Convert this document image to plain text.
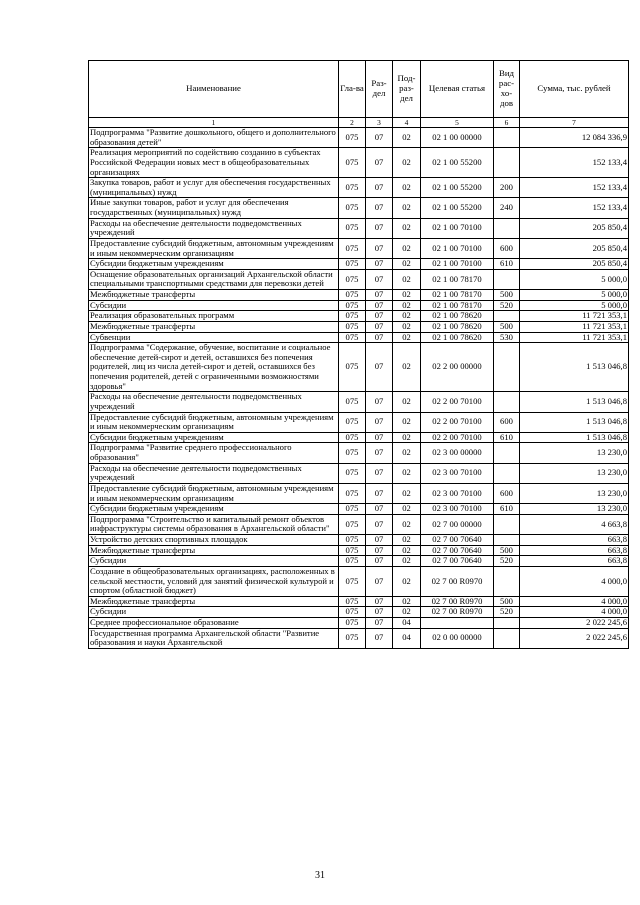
Наименование	Гла-ва	Раз-дел	Под-раз-дел	Целевая статья	Вид рас-хо-дов	Сумма, тыс. рублей
1	2	3	4	5	6	7
Подпрограмма "Развитие дошкольного, общего и дополнительного образования детей"	075	07	02	02 1 00 00000		12 084 336,9
Реализация мероприятий по содействию созданию в субъектах Российской Федерации новых мест в общеобразовательных организациях	075	07	02	02 1 00 55200		152 133,4
Закупка товаров, работ и услуг для обеспечения государственных (муниципальных) нужд	075	07	02	02 1 00 55200	200	152 133,4
Иные закупки товаров, работ и услуг для обеспечения государственных (муниципальных) нужд	075	07	02	02 1 00 55200	240	152 133,4
Расходы на обеспечение деятельности подведомственных учреждений	075	07	02	02 1 00 70100		205 850,4
Предоставление субсидий бюджетным, автономным учреждениям и иным некоммерческим организациям	075	07	02	02 1 00 70100	600	205 850,4
Субсидии бюджетным учреждениям	075	07	02	02 1 00 70100	610	205 850,4
Оснащение образовательных организаций Архангельской области специальными транспортными средствами для перевозки детей	075	07	02	02 1 00 78170		5 000,0
Межбюджетные трансферты	075	07	02	02 1 00 78170	500	5 000,0
Субсидии	075	07	02	02 1 00 78170	520	5 000,0
Реализация образовательных программ	075	07	02	02 1 00 78620		11 721 353,1
Межбюджетные трансферты	075	07	02	02 1 00 78620	500	11 721 353,1
Субвенции	075	07	02	02 1 00 78620	530	11 721 353,1
Подпрограмма "Содержание, обучение, воспитание и социальное обеспечение детей-сирот и детей, оставшихся без попечения родителей, лиц из числа детей-сирот и детей, оставшихся без попечения родителей, детей с ограниченными возможностями здоровья"	075	07	02	02 2 00 00000		1 513 046,8
Расходы на обеспечение деятельности подведомственных учреждений	075	07	02	02 2 00 70100		1 513 046,8
Предоставление субсидий бюджетным, автономным учреждениям и иным некоммерческим организациям	075	07	02	02 2 00 70100	600	1 513 046,8
Субсидии бюджетным учреждениям	075	07	02	02 2 00 70100	610	1 513 046,8
Подпрограмма "Развитие среднего профессионального образования"	075	07	02	02 3 00 00000		13 230,0
Расходы на обеспечение деятельности подведомственных учреждений	075	07	02	02 3 00 70100		13 230,0
Предоставление субсидий бюджетным, автономным учреждениям и иным некоммерческим организациям	075	07	02	02 3 00 70100	600	13 230,0
Субсидии бюджетным учреждениям	075	07	02	02 3 00 70100	610	13 230,0
Подпрограмма "Строительство и капитальный ремонт объектов инфраструктуры системы образования в Архангельской области"	075	07	02	02 7 00 00000		4 663,8
Устройство детских спортивных площадок	075	07	02	02 7 00 70640		663,8
Межбюджетные трансферты	075	07	02	02 7 00 70640	500	663,8
Субсидии	075	07	02	02 7 00 70640	520	663,8
Создание в общеобразовательных организациях, расположенных в сельской местности, условий для занятий физической культурой и спортом (областной бюджет)	075	07	02	02 7 00 R0970		4 000,0
Межбюджетные трансферты	075	07	02	02 7 00 R0970	500	4 000,0
Субсидии	075	07	02	02 7 00 R0970	520	4 000,0
Среднее профессиональное образование	075	07	04			2 022 245,6
Государственная программа Архангельской области "Развитие образования и науки Архангельской	075	07	04	02 0 00 00000		2 022 245,6
31
